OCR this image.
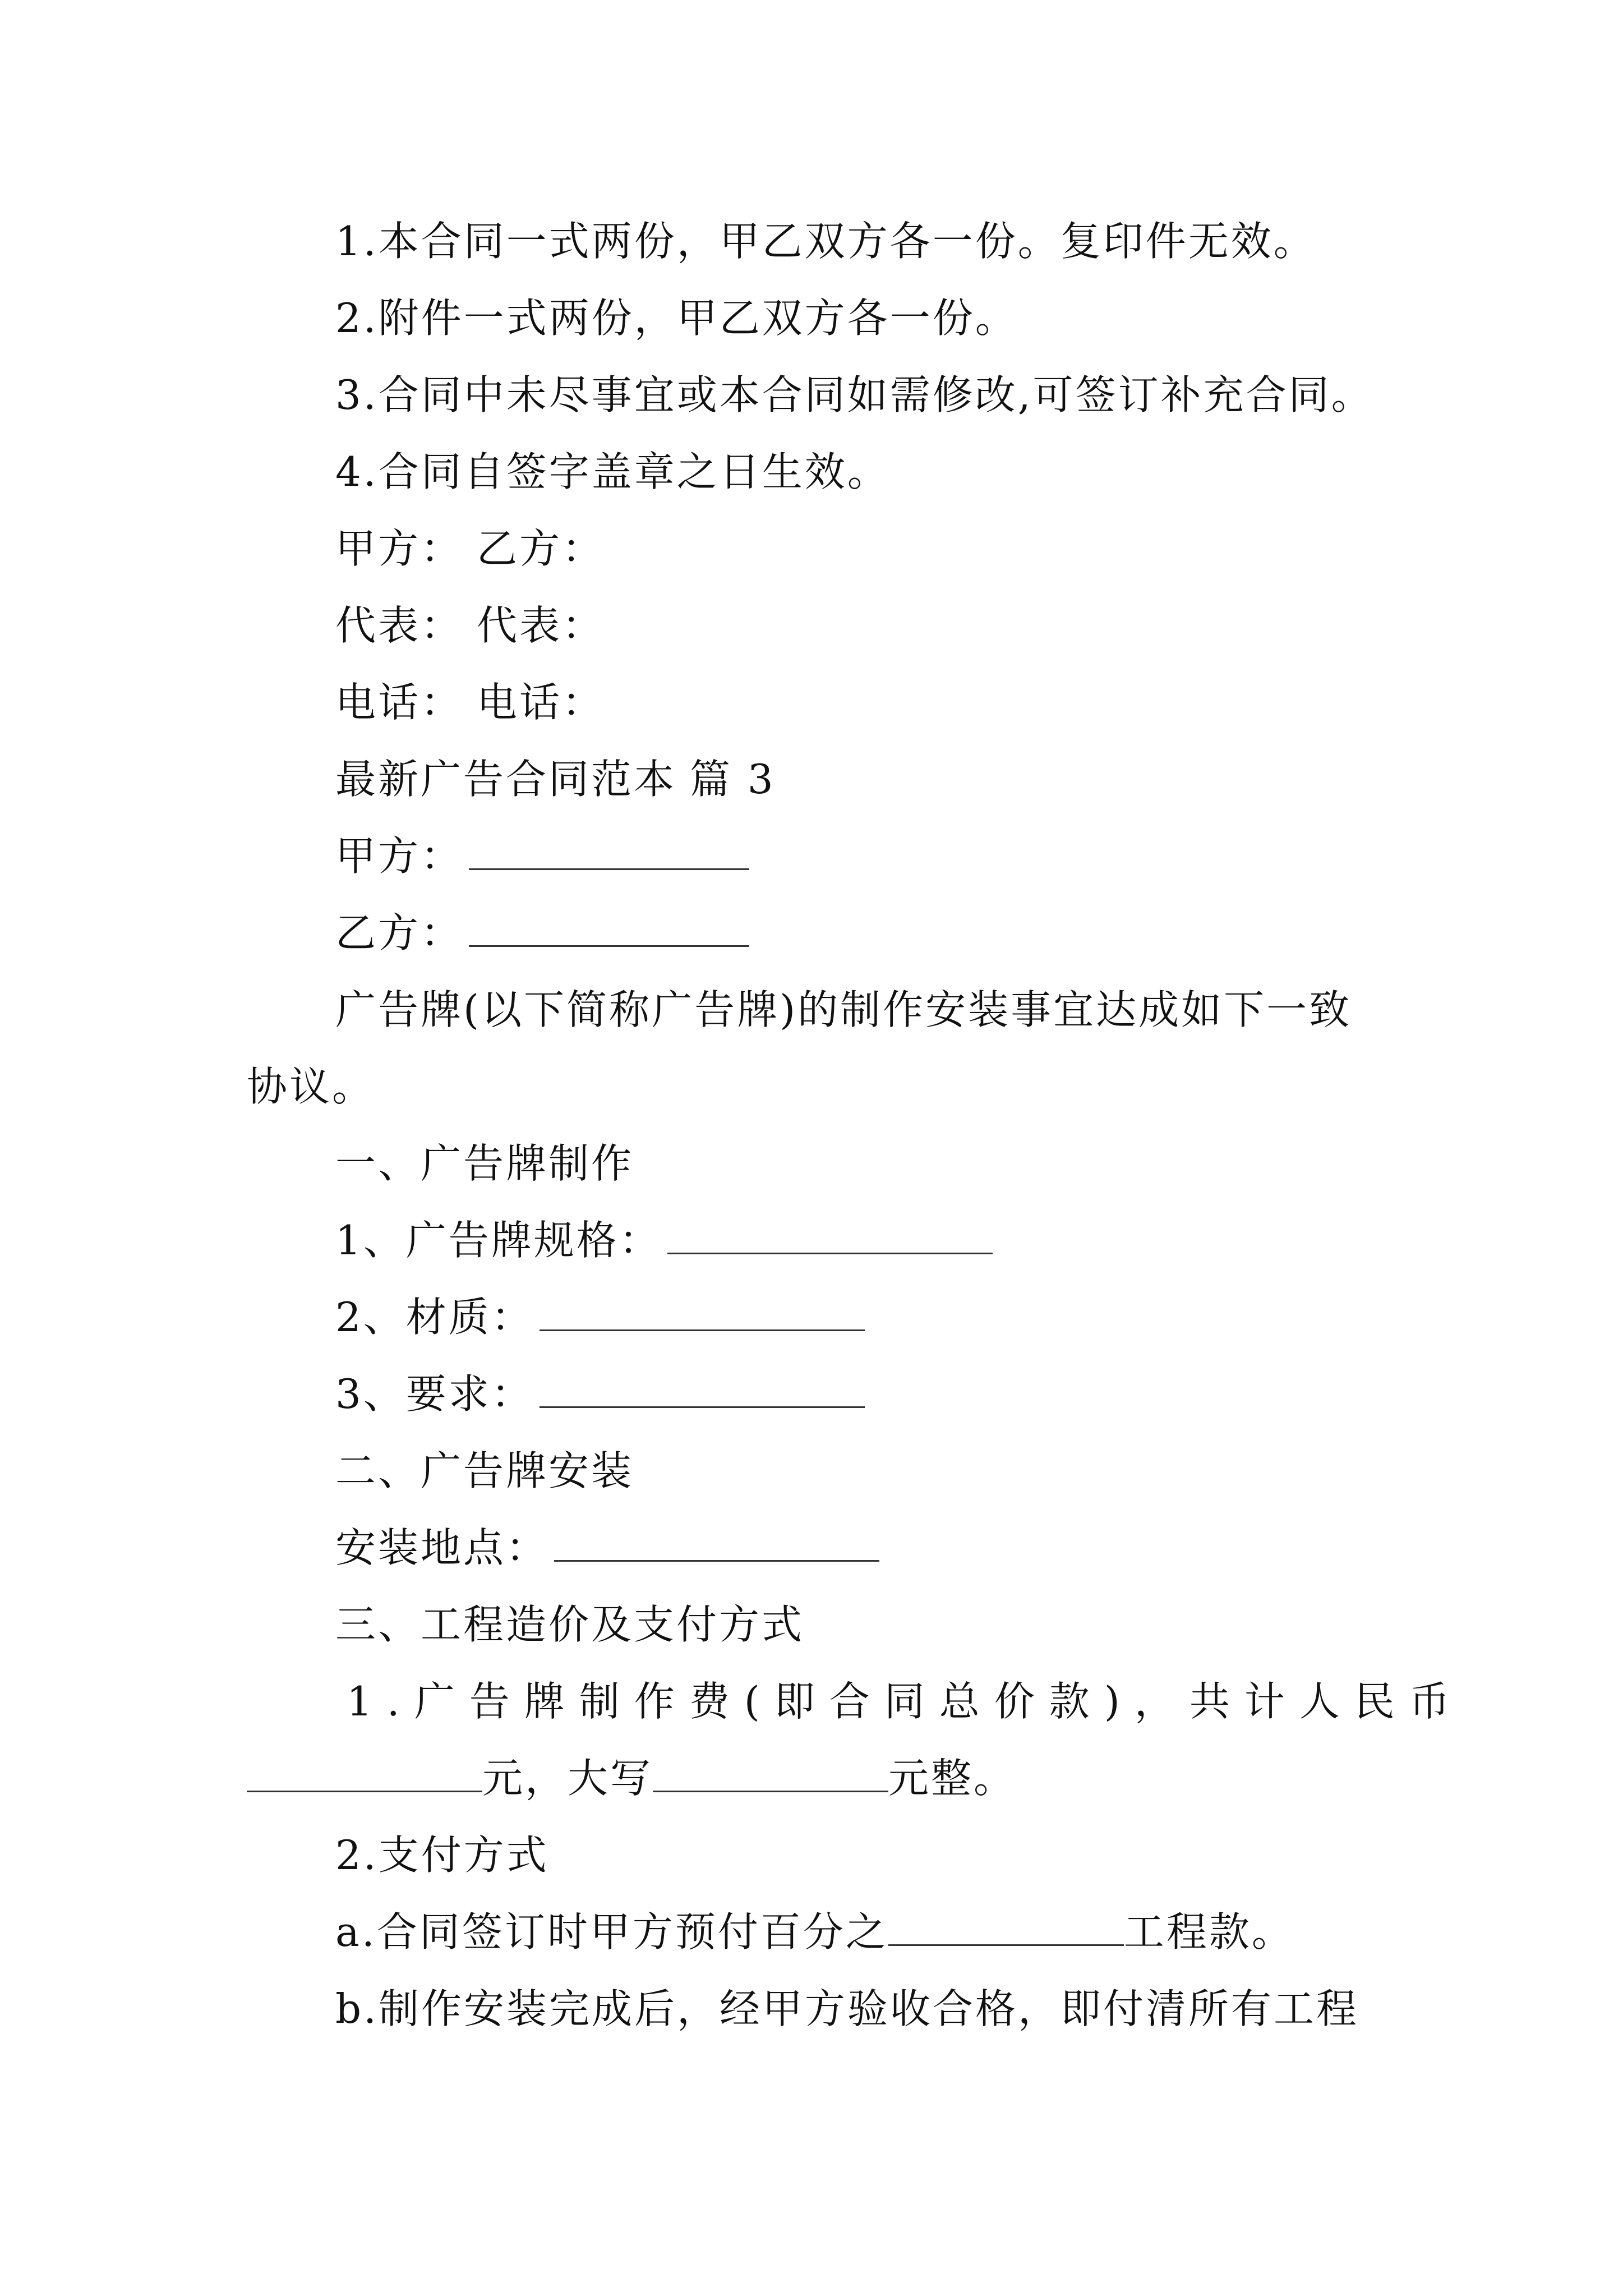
1.本合同一式两份，甲乙双方各一份。复印件无效。
2.附件一式两份，甲乙双方各一份。
3.合同中未尽事宜或本合同如需修改,可签订补充合同。
4.合同自签字盖章之日生效。
甲方： 乙方：
代表： 代表：
电话： 电话：
最新广告合同范本 篇 3
甲方：
乙方：
广告牌(以下简称广告牌)的制作安装事宜达成如下一致
协议。
一、广告牌制作
1、广告牌规格：
2、材质：
3、要求：
二、广告牌安装
安装地点：
三、工程造价及支付方式
1.广告牌制作费(即合同总价款)，共计人民币
元，大写	元整。
2.支付方式
a.合同签订时甲方预付百分之	工程款。
b.制作安装完成后，经甲方验收合格，即付清所有工程
